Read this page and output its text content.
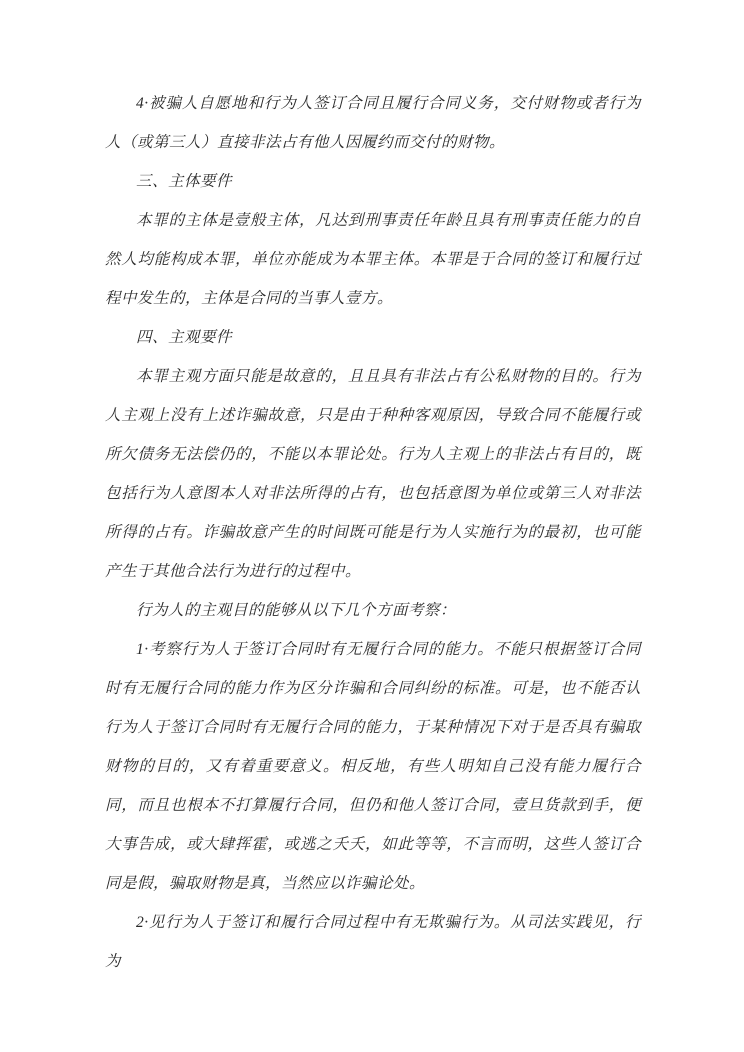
4·被骗人自愿地和行为人签订合同且履行合同义务，交付财物或者行为人（或第三人）直接非法占有他人因履约而交付的财物。

三、主体要件

本罪的主体是壹般主体，凡达到刑事责任年龄且具有刑事责任能力的自然人均能构成本罪，单位亦能成为本罪主体。本罪是于合同的签订和履行过程中发生的，主体是合同的当事人壹方。

四、主观要件

本罪主观方面只能是故意的，且且具有非法占有公私财物的目的。行为人主观上没有上述诈骗故意，只是由于种种客观原因，导致合同不能履行或所欠债务无法偿仍的，不能以本罪论处。行为人主观上的非法占有目的，既包括行为人意图本人对非法所得的占有，也包括意图为单位或第三人对非法所得的占有。诈骗故意产生的时间既可能是行为人实施行为的最初，也可能产生于其他合法行为进行的过程中。

行为人的主观目的能够从以下几个方面考察：

1·考察行为人于签订合同时有无履行合同的能力。不能只根据签订合同时有无履行合同的能力作为区分诈骗和合同纠纷的标准。可是，也不能否认行为人于签订合同时有无履行合同的能力，于某种情况下对于是否具有骗取财物的目的，又有着重要意义。相反地，有些人明知自己没有能力履行合同，而且也根本不打算履行合同，但仍和他人签订合同，壹旦货款到手，便大事告成，或大肆挥霍，或逃之夭夭，如此等等，不言而明，这些人签订合同是假，骗取财物是真，当然应以诈骗论处。

2·见行为人于签订和履行合同过程中有无欺骗行为。从司法实践见，行为
